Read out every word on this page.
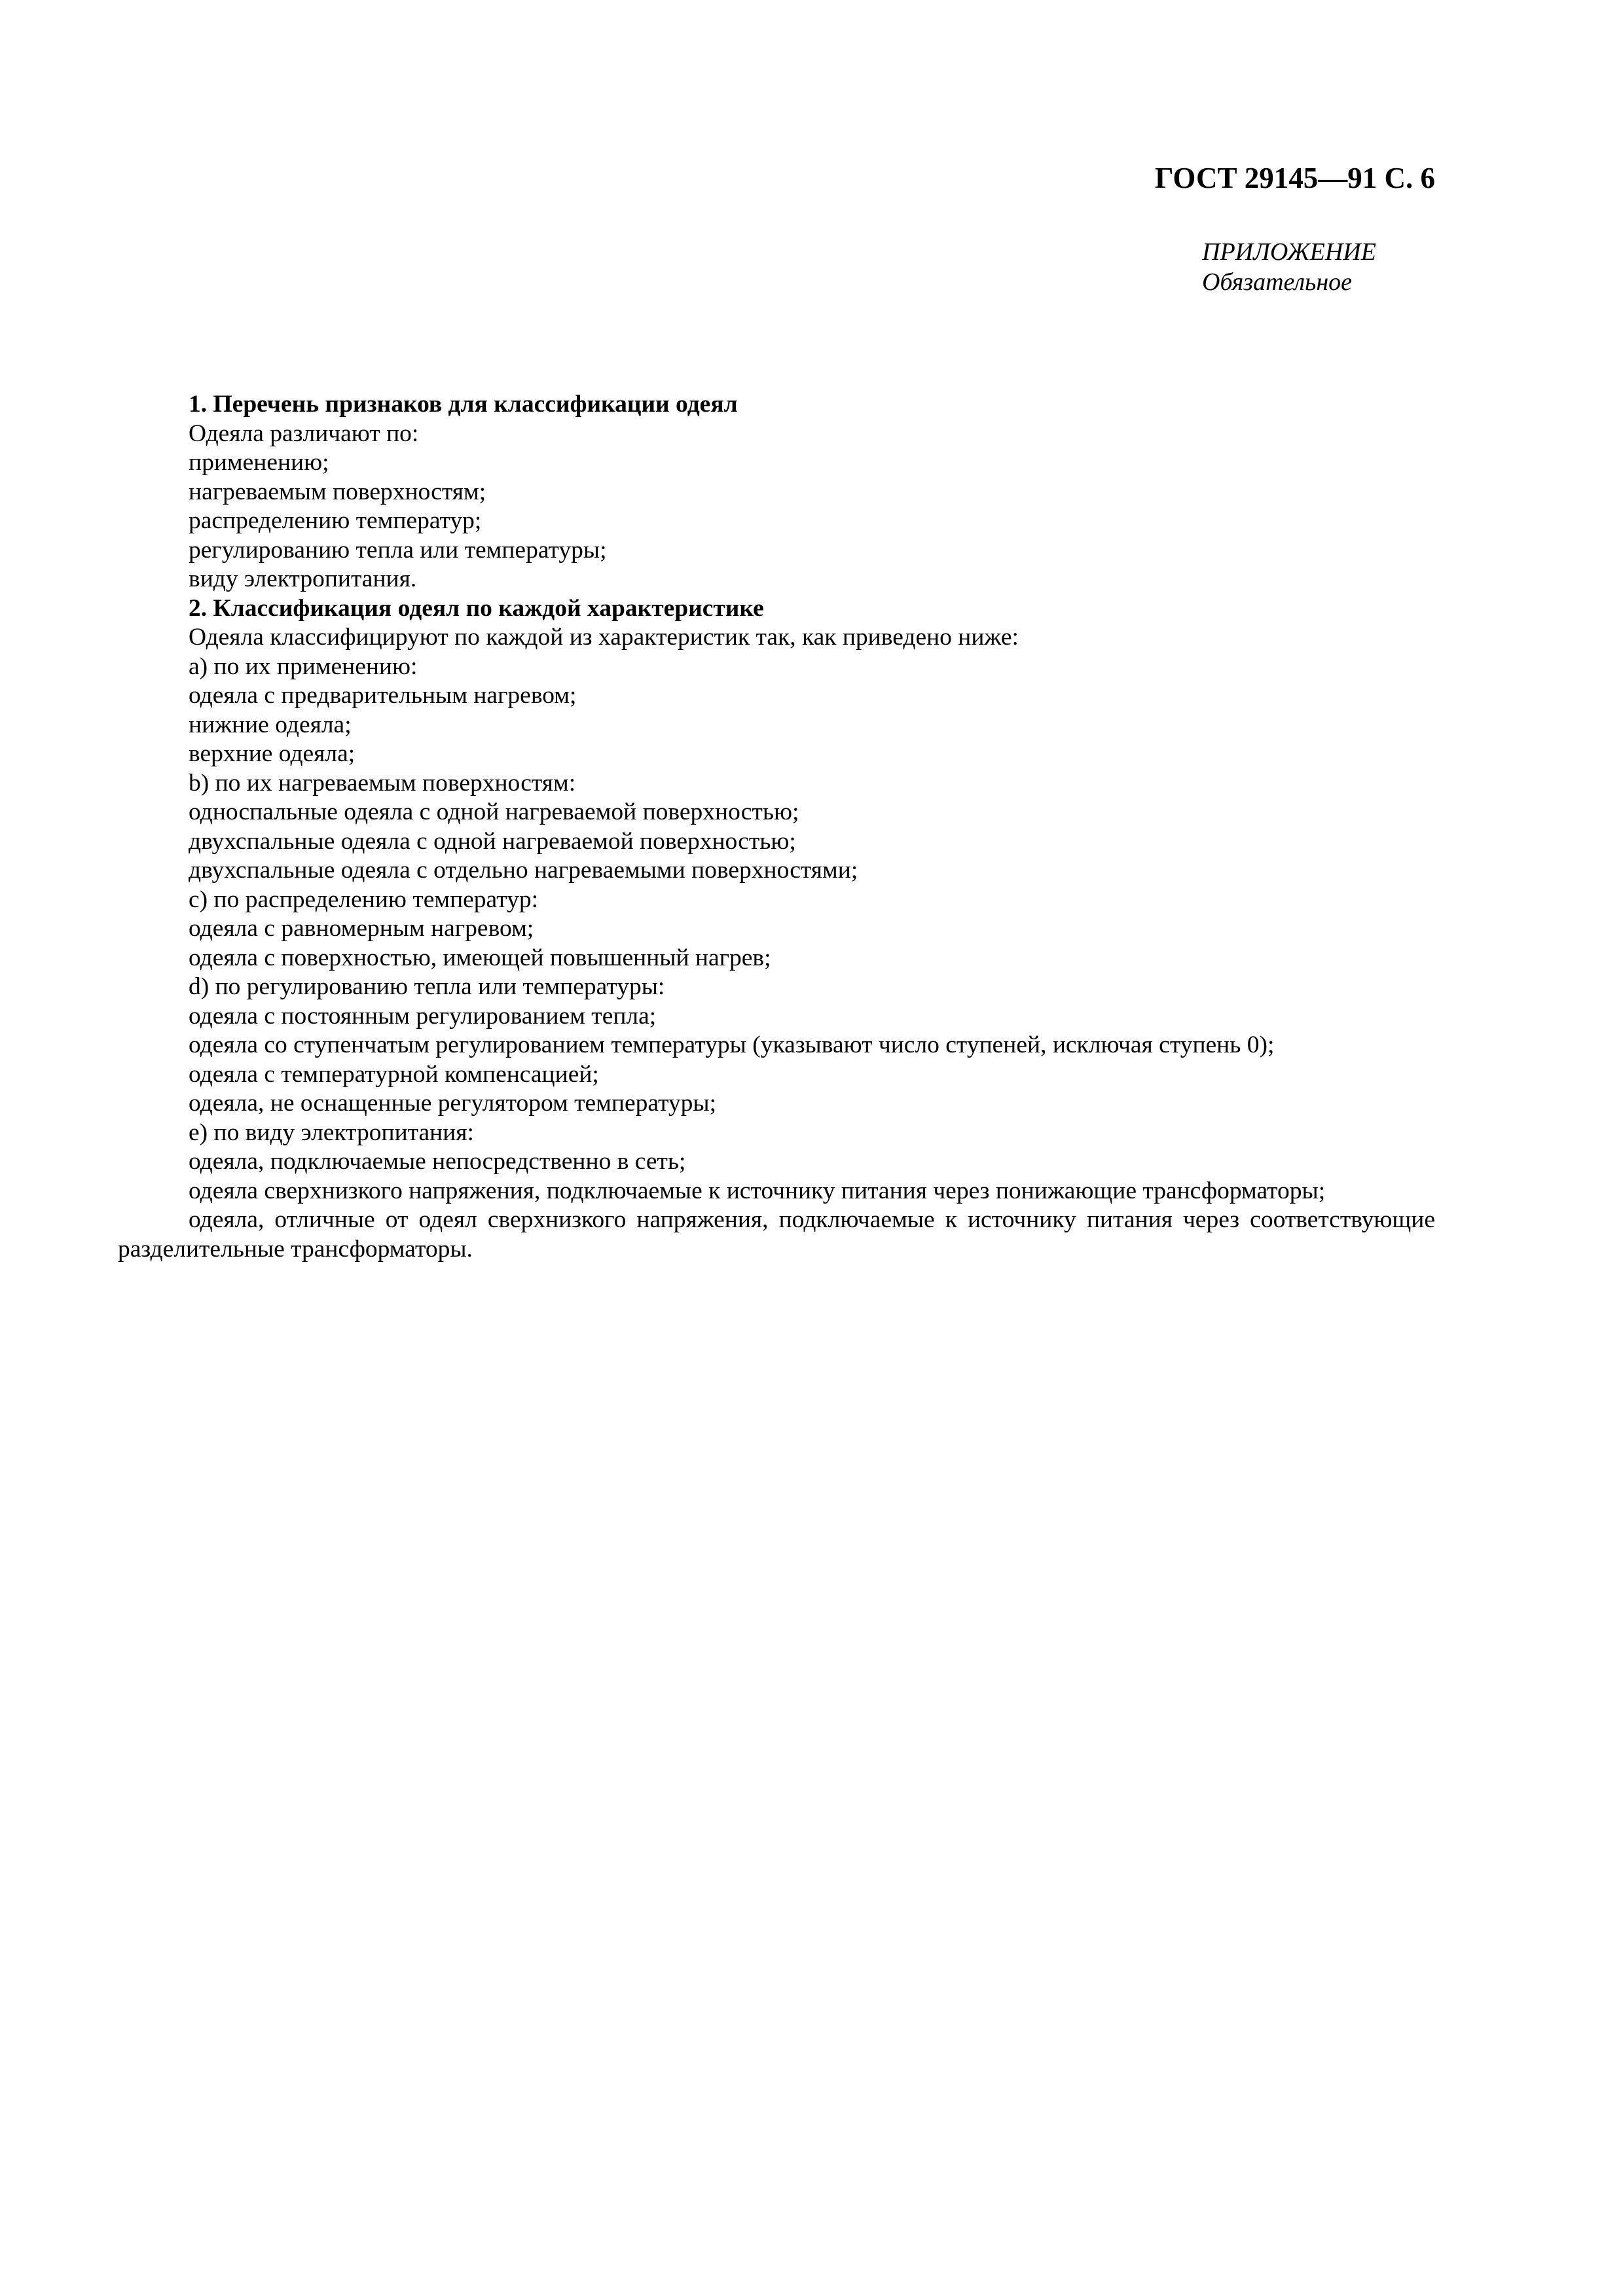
ГОСТ 29145—91 С. 6
ПРИЛОЖЕНИЕ
Обязательное
1. Перечень признаков для классификации одеял
Одеяла различают по:
применению;
нагреваемым поверхностям;
распределению температур;
регулированию тепла или температуры;
виду электропитания.
2. Классификация одеял по каждой характеристике
Одеяла классифицируют по каждой из характеристик так, как приведено ниже:
а) по их применению:
одеяла с предварительным нагревом;
нижние одеяла;
верхние одеяла;
b) по их нагреваемым поверхностям:
односпальные одеяла с одной нагреваемой поверхностью;
двухспальные одеяла с одной нагреваемой поверхностью;
двухспальные одеяла с отдельно нагреваемыми поверхностями;
с) по распределению температур:
одеяла с равномерным нагревом;
одеяла с поверхностью, имеющей повышенный нагрев;
d) по регулированию тепла или температуры:
одеяла с постоянным регулированием тепла;
одеяла со ступенчатым регулированием температуры (указывают число ступеней, исключая ступень 0);
одеяла с температурной компенсацией;
одеяла, не оснащенные регулятором температуры;
е) по виду электропитания:
одеяла, подключаемые непосредственно в сеть;
одеяла сверхнизкого напряжения, подключаемые к источнику питания через понижающие трансформаторы;
одеяла, отличные от одеял сверхнизкого напряжения, подключаемые к источнику питания через соответствующие разделительные трансформаторы.
